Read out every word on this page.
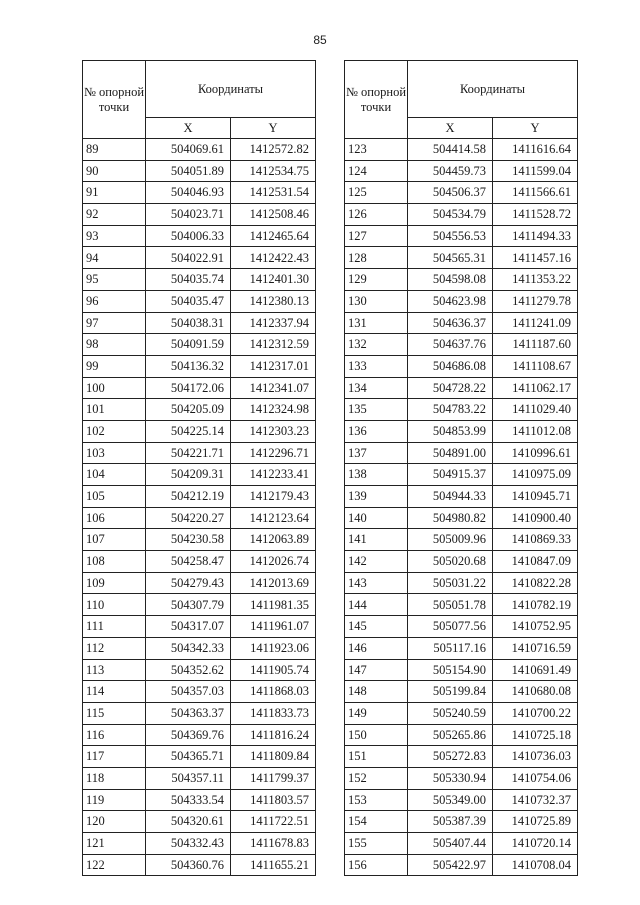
85
№ опорной точки	Координаты	
	X	Y
89	504069.61	1412572.82
90	504051.89	1412534.75
91	504046.93	1412531.54
92	504023.71	1412508.46
93	504006.33	1412465.64
94	504022.91	1412422.43
95	504035.74	1412401.30
96	504035.47	1412380.13
97	504038.31	1412337.94
98	504091.59	1412312.59
99	504136.32	1412317.01
100	504172.06	1412341.07
101	504205.09	1412324.98
102	504225.14	1412303.23
103	504221.71	1412296.71
104	504209.31	1412233.41
105	504212.19	1412179.43
106	504220.27	1412123.64
107	504230.58	1412063.89
108	504258.47	1412026.74
109	504279.43	1412013.69
110	504307.79	1411981.35
111	504317.07	1411961.07
112	504342.33	1411923.06
113	504352.62	1411905.74
114	504357.03	1411868.03
115	504363.37	1411833.73
116	504369.76	1411816.24
117	504365.71	1411809.84
118	504357.11	1411799.37
119	504333.54	1411803.57
120	504320.61	1411722.51
121	504332.43	1411678.83
122	504360.76	1411655.21
№ опорной точки	Координаты	
	X	Y
123	504414.58	1411616.64
124	504459.73	1411599.04
125	504506.37	1411566.61
126	504534.79	1411528.72
127	504556.53	1411494.33
128	504565.31	1411457.16
129	504598.08	1411353.22
130	504623.98	1411279.78
131	504636.37	1411241.09
132	504637.76	1411187.60
133	504686.08	1411108.67
134	504728.22	1411062.17
135	504783.22	1411029.40
136	504853.99	1411012.08
137	504891.00	1410996.61
138	504915.37	1410975.09
139	504944.33	1410945.71
140	504980.82	1410900.40
141	505009.96	1410869.33
142	505020.68	1410847.09
143	505031.22	1410822.28
144	505051.78	1410782.19
145	505077.56	1410752.95
146	505117.16	1410716.59
147	505154.90	1410691.49
148	505199.84	1410680.08
149	505240.59	1410700.22
150	505265.86	1410725.18
151	505272.83	1410736.03
152	505330.94	1410754.06
153	505349.00	1410732.37
154	505387.39	1410725.89
155	505407.44	1410720.14
156	505422.97	1410708.04
